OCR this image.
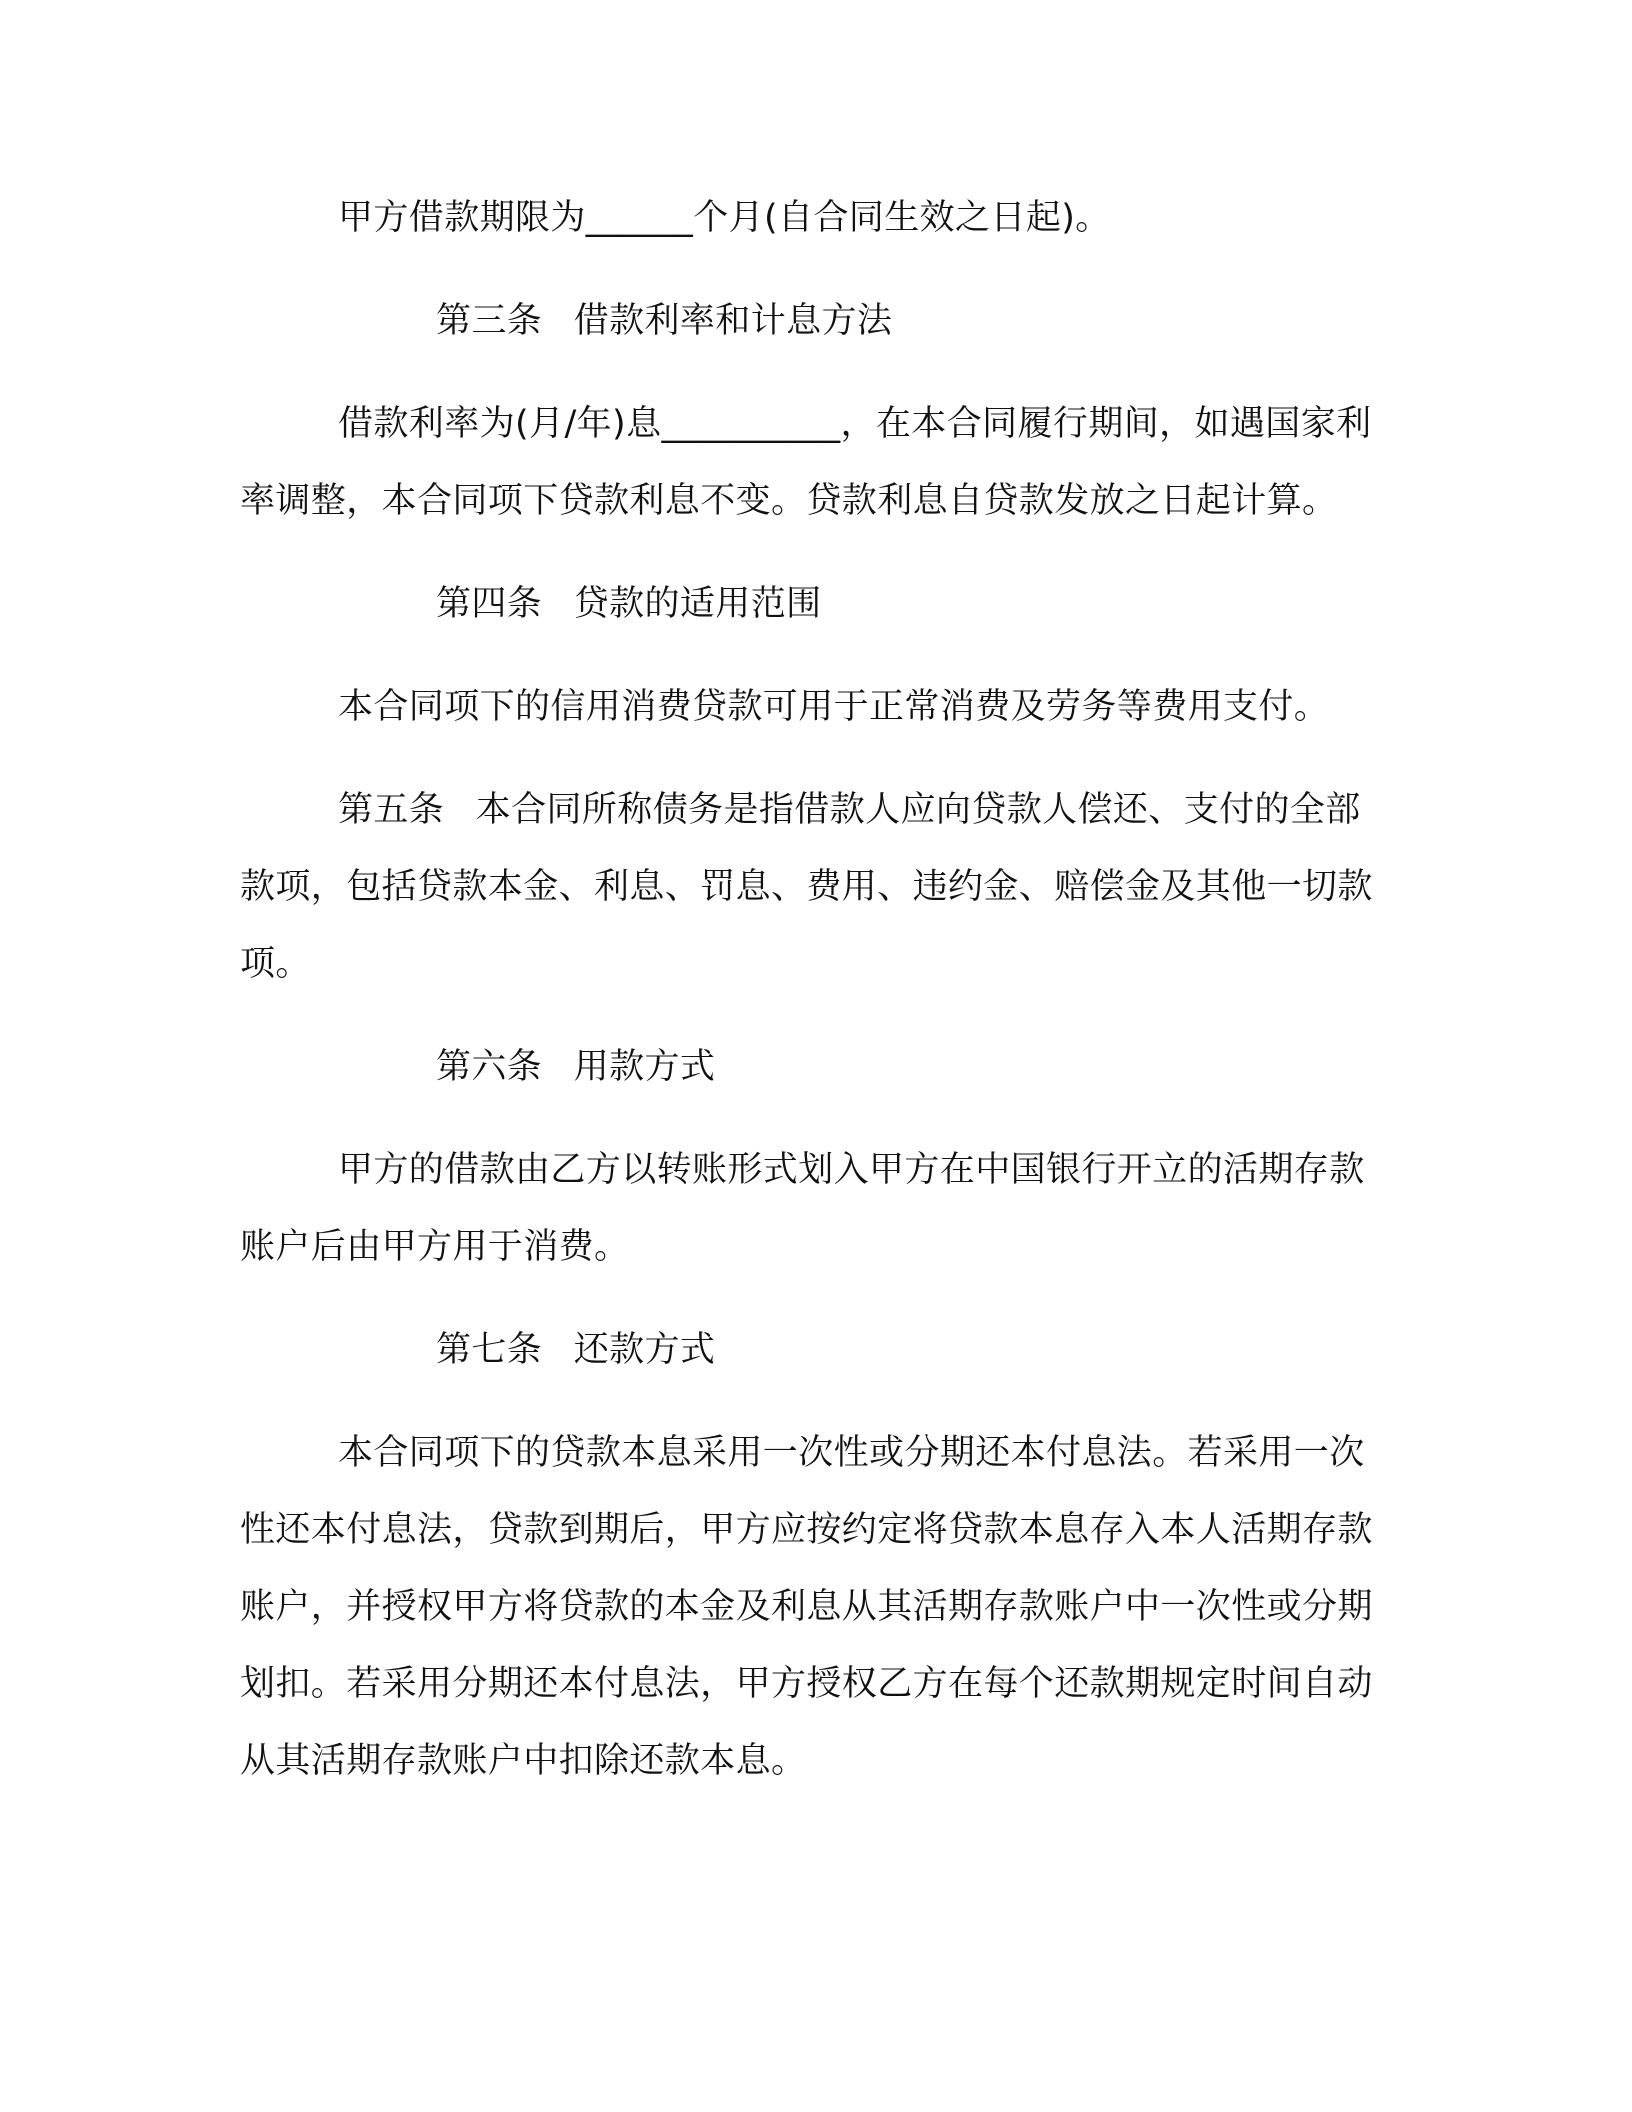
甲方借款期限为______个月(自合同生效之日起)。

第三条 借款利率和计息方法

借款利率为(月/年)息__________，在本合同履行期间，如遇国家利率调整，本合同项下贷款利息不变。贷款利息自贷款发放之日起计算。

第四条 贷款的适用范围

本合同项下的信用消费贷款可用于正常消费及劳务等费用支付。

第五条 本合同所称债务是指借款人应向贷款人偿还、支付的全部款项，包括贷款本金、利息、罚息、费用、违约金、赔偿金及其他一切款项。

第六条 用款方式

甲方的借款由乙方以转账形式划入甲方在中国银行开立的活期存款账户后由甲方用于消费。

第七条 还款方式

本合同项下的贷款本息采用一次性或分期还本付息法。若采用一次性还本付息法，贷款到期后，甲方应按约定将贷款本息存入本人活期存款账户，并授权甲方将贷款的本金及利息从其活期存款账户中一次性或分期划扣。若采用分期还本付息法，甲方授权乙方在每个还款期规定时间自动从其活期存款账户中扣除还款本息。
